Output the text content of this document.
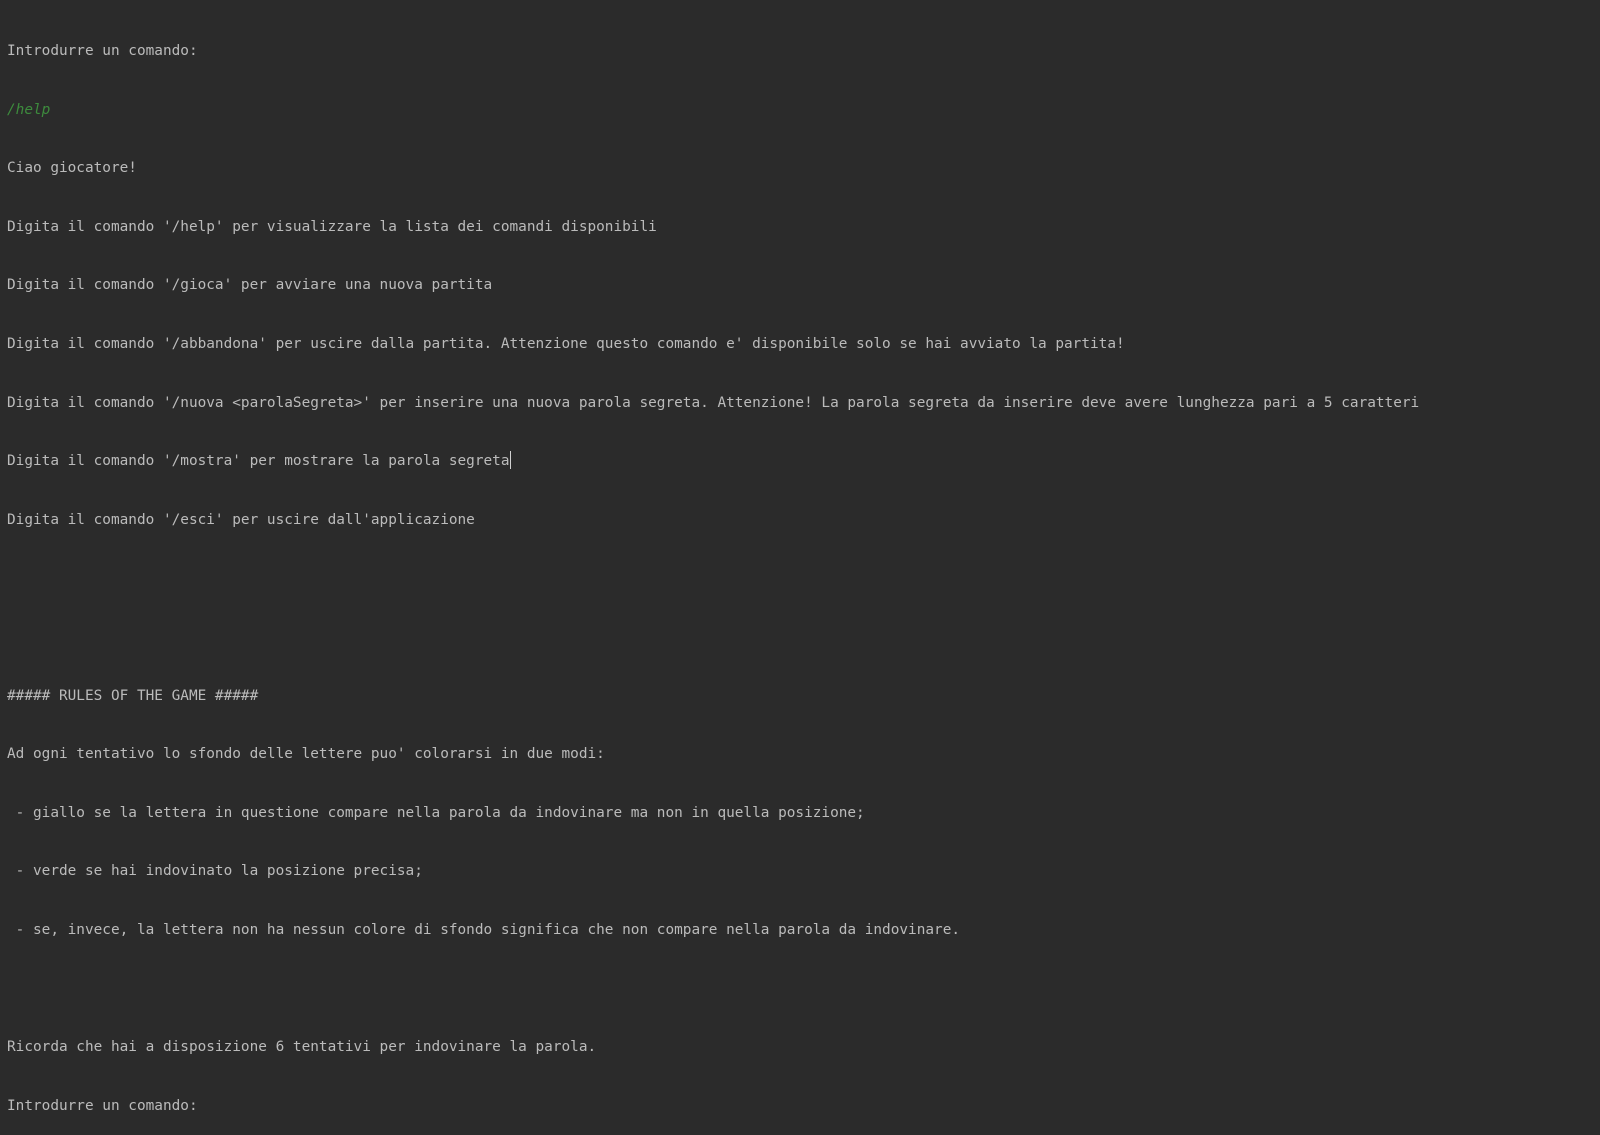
Introdurre un comando:

/help

Ciao giocatore!

Digita il comando '/help' per visualizzare la lista dei comandi disponibili

Digita il comando '/gioca' per avviare una nuova partita

Digita il comando '/abbandona' per uscire dalla partita. Attenzione questo comando e' disponibile solo se hai avviato la partita!

Digita il comando '/nuova <parolaSegreta>' per inserire una nuova parola segreta. Attenzione! La parola segreta da inserire deve avere lunghezza pari a 5 caratteri

Digita il comando '/mostra' per mostrare la parola segreta

Digita il comando '/esci' per uscire dall'applicazione

##### RULES OF THE GAME #####

Ad ogni tentativo lo sfondo delle lettere puo' colorarsi in due modi:

- giallo se la lettera in questione compare nella parola da indovinare ma non in quella posizione;

- verde se hai indovinato la posizione precisa;

- se, invece, la lettera non ha nessun colore di sfondo significa che non compare nella parola da indovinare.

Ricorda che hai a disposizione 6 tentativi per indovinare la parola.

Introdurre un comando:
